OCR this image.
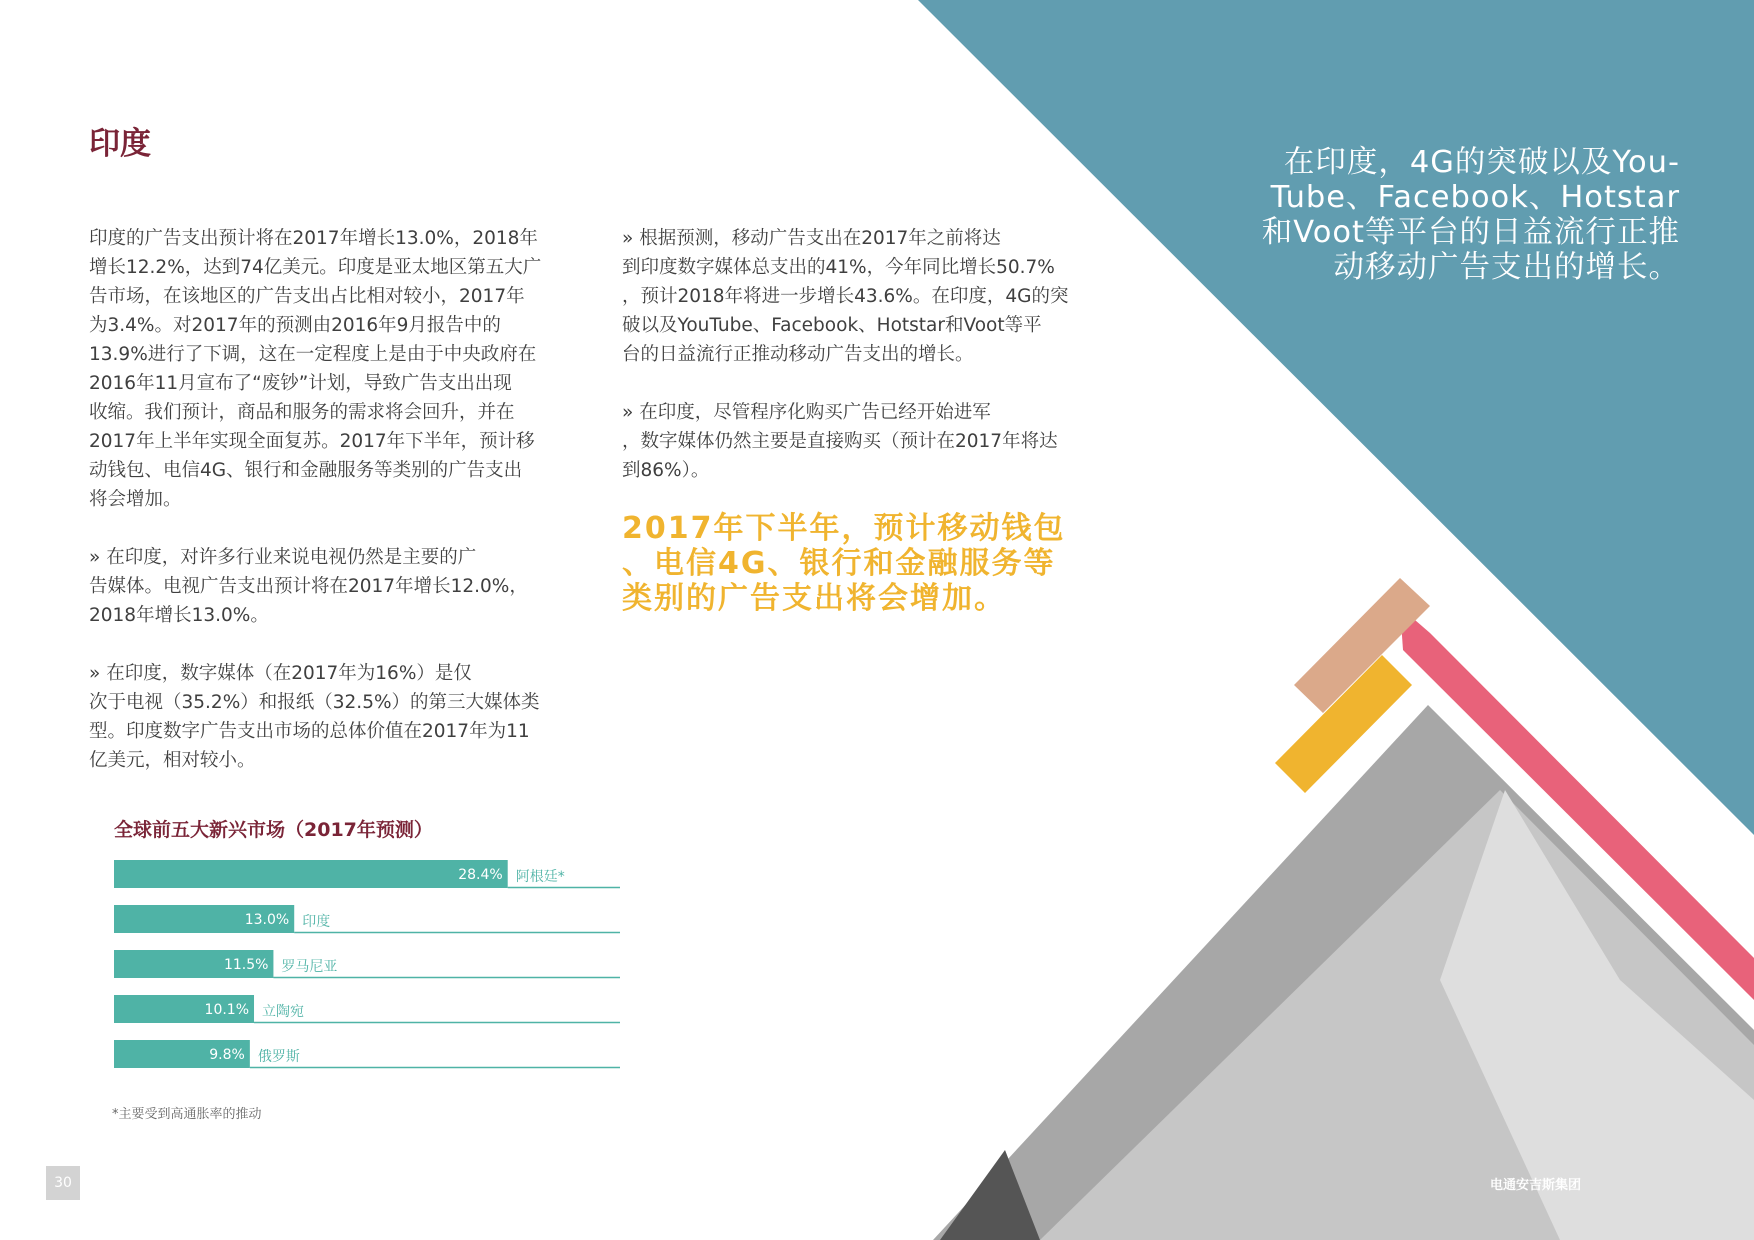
印度

印度的广告支出预计将在2017年增长13.0%，2018年
增长12.2%，达到74亿美元。印度是亚太地区第五大广
告市场，在该地区的广告支出占比相对较小，2017年
为3.4%。对2017年的预测由2016年9月报告中的
13.9%进行了下调，这在一定程度上是由于中央政府在
2016年11月宣布了“废钞”计划，导致广告支出出现
收缩。我们预计，商品和服务的需求将会回升，并在
2017年上半年实现全面复苏。2017年下半年，预计移
动钱包、电信4G、银行和金融服务等类别的广告支出
将会增加。

» 在印度，对许多行业来说电视仍然是主要的广
告媒体。电视广告支出预计将在2017年增长12.0%，
2018年增长13.0%。

» 在印度，数字媒体（在2017年为16%）是仅
次于电视（35.2%）和报纸（32.5%）的第三大媒体类
型。印度数字广告支出市场的总体价值在2017年为11
亿美元，相对较小。

» 根据预测，移动广告支出在2017年之前将达
到印度数字媒体总支出的41%，今年同比增长50.7%
，预计2018年将进一步增长43.6%。在印度，4G的突
破以及YouTube、Facebook、Hotstar和Voot等平
台的日益流行正推动移动广告支出的增长。

» 在印度，尽管程序化购买广告已经开始进军
，数字媒体仍然主要是直接购买（预计在2017年将达
到86%）。

2017年下半年，预计移动钱包
、电信4G、银行和金融服务等
类别的广告支出将会增加。
在印度，4G的突破以及You-
Tube、Facebook、Hotstar
和Voot等平台的日益流行正推
动移动广告支出的增长。
全球前五大新兴市场（2017年预测）
28.4% 阿根廷*
13.0% 印度
11.5% 罗马尼亚
10.1% 立陶宛
9.8% 俄罗斯
*主要受到高通胀率的推动
30	电通安吉斯集团
